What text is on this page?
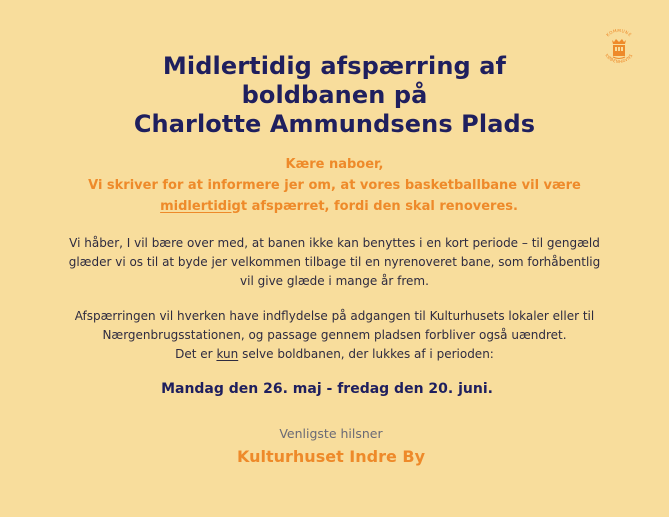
KØBENHAVNS
KOMMUNE
Midlertidig afspærring af
boldbanen på
Charlotte Ammundsens Plads
Kære naboer,
Vi skriver for at informere jer om, at vores basketballbane vil være
midlertidigt afspærret, fordi den skal renoveres.
Vi håber, I vil bære over med, at banen ikke kan benyttes i en kort periode – til gengæld
glæder vi os til at byde jer velkommen tilbage til en nyrenoveret bane, som forhåbentlig
vil give glæde i mange år frem.
Afspærringen vil hverken have indflydelse på adgangen til Kulturhusets lokaler eller til
Nærgenbrugsstationen, og passage gennem pladsen forbliver også uændret.
Det er kun selve boldbanen, der lukkes af i perioden:
Mandag den 26. maj - fredag den 20. juni.
Venligste hilsner
Kulturhuset Indre By
